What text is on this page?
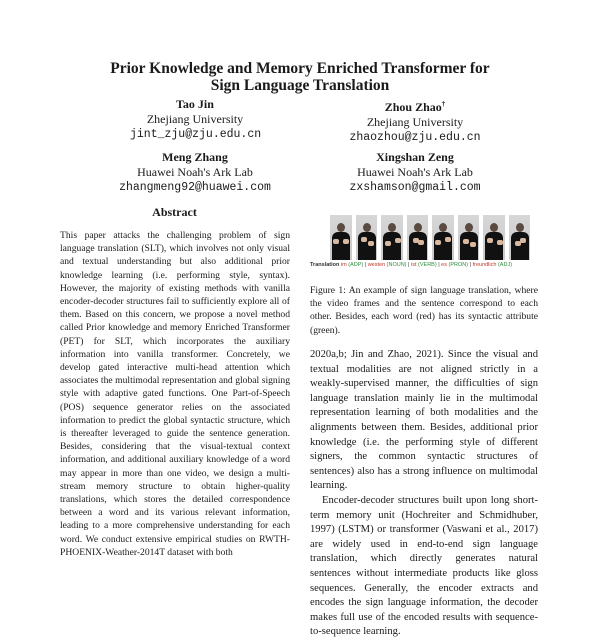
Prior Knowledge and Memory Enriched Transformer for
Sign Language Translation
Tao Jin
Zhejiang University
jint_zju@zju.edu.cn
Zhou Zhao†
Zhejiang University
zhaozhou@zju.edu.cn
Meng Zhang
Huawei Noah's Ark Lab
zhangmeng92@huawei.com
Xingshan Zeng
Huawei Noah's Ark Lab
zxshamson@gmail.com
Abstract
This paper attacks the challenging problem of sign language translation (SLT), which involves not only visual and textual understanding but also additional prior knowledge learning (i.e. performing style, syntax). However, the majority of existing methods with vanilla encoder-decoder structures fail to sufficiently explore all of them. Based on this concern, we propose a novel method called Prior knowledge and memory Enriched Transformer (PET) for SLT, which incorporates the auxiliary information into vanilla transformer. Concretely, we develop gated interactive multi-head attention which associates the multimodal representation and global signing style with adaptive gated functions. One Part-of-Speech (POS) sequence generator relies on the associated information to predict the global syntactic structure, which is thereafter leveraged to guide the sentence generation. Besides, considering that the visual-textual context information, and additional auxiliary knowledge of a word may appear in more than one video, we design a multi-stream memory structure to obtain higher-quality translations, which stores the detailed correspondence between a word and its various relevant information, leading to a more comprehensive understanding for each word. We conduct extensive empirical studies on RWTH-PHOENIX-Weather-2014T dataset with both
Translation im (ADP) | westen (NOUN) | ist (VERB) | es (PRON) | freundlich (ADJ)
Figure 1: An example of sign language translation, where the video frames and the sentence correspond to each other. Besides, each word (red) has its syntactic attribute (green).

2020a,b; Jin and Zhao, 2021). Since the visual and textual modalities are not aligned strictly in a weakly-supervised manner, the difficulties of sign language translation mainly lie in the multimodal representation learning of both modalities and the alignments between them. Besides, additional prior knowledge (i.e. the performing style of different signers, the common syntactic structures of sentences) also has a strong influence on multimodal learning.

Encoder-decoder structures built upon long short-term memory unit (Hochreiter and Schmidhuber, 1997) (LSTM) or transformer (Vaswani et al., 2017) are widely used in end-to-end sign language translation, which directly generates natural sentences without intermediate products like gloss sequences. Generally, the encoder extracts and encodes the sign language information, the decoder makes full use of the encoded results with sequence-to-sequence learning.
